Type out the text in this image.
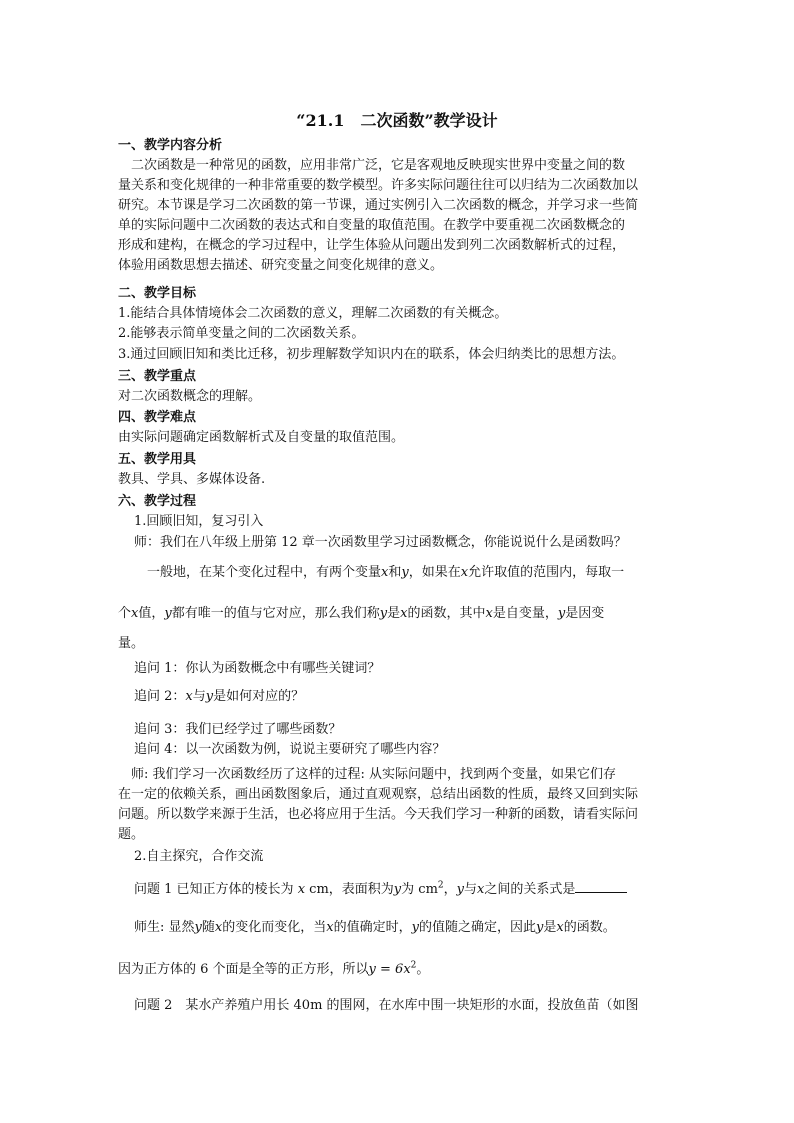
“21.1　二次函数”教学设计
一、教学内容分析
　二次函数是一种常见的函数，应用非常广泛，它是客观地反映现实世界中变量之间的数
量关系和变化规律的一种非常重要的数学模型。许多实际问题往往可以归结为二次函数加以
研究。本节课是学习二次函数的第一节课，通过实例引入二次函数的概念，并学习求一些简
单的实际问题中二次函数的表达式和自变量的取值范围。在教学中要重视二次函数概念的
形成和建构，在概念的学习过程中，让学生体验从问题出发到列二次函数解析式的过程，
体验用函数思想去描述、研究变量之间变化规律的意义。
二、教学目标
1.能结合具体情境体会二次函数的意义，理解二次函数的有关概念。
2.能够表示简单变量之间的二次函数关系。
3.通过回顾旧知和类比迁移，初步理解数学知识内在的联系，体会归纳类比的思想方法。
三、教学重点
对二次函数概念的理解。
四、教学难点
由实际问题确定函数解析式及自变量的取值范围。
五、教学用具
教具、学具、多媒体设备.
六、教学过程
1.回顾旧知，复习引入
师：我们在八年级上册第 12 章一次函数里学习过函数概念，你能说说什么是函数吗？
　一般地，在某个变化过程中，有两个变量x和y，如果在x允许取值的范围内，每取一
个x值，y都有唯一的值与它对应，那么我们称y是x的函数，其中x是自变量，y是因变
量。
追问 1：你认为函数概念中有哪些关键词？
追问 2：x与y是如何对应的？
追问 3：我们已经学过了哪些函数？
追问 4：以一次函数为例，说说主要研究了哪些内容？
　师: 我们学习一次函数经历了这样的过程: 从实际问题中，找到两个变量，如果它们存
在一定的依赖关系，画出函数图象后，通过直观观察，总结出函数的性质，最终又回到实际
问题。所以数学来源于生活，也必将应用于生活。今天我们学习一种新的函数，请看实际问
题。
2.自主探究，合作交流
问题 1 已知正方体的棱长为 x cm，表面积为y为 $cm^2$，y与x之间的关系式是
师生: 显然y随x的变化而变化，当x的值确定时，y的值随之确定，因此y是x的函数。
因为正方体的 6 个面是全等的正方形，所以$y = 6x^2$。
问题 2　某水产养殖户用长 40m 的围网，在水库中围一块矩形的水面，投放鱼苗（如图
